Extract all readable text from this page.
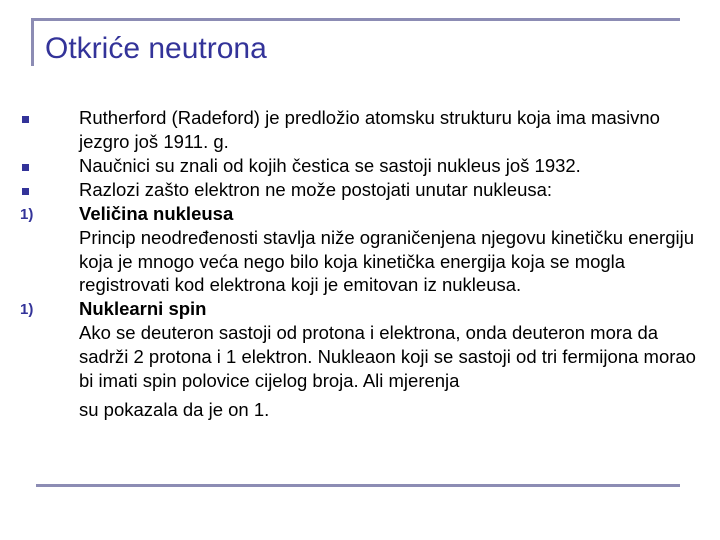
Otkriće neutrona
Rutherford (Radeford) je predložio atomsku strukturu koja ima masivno jezgro još 1911. g.
Naučnici su znali od kojih čestica se sastoji nukleus još 1932.
Razlozi zašto elektron ne može postojati unutar nukleusa:
1) Veličina nukleusa
Princip neodređenosti stavlja niže ograničenjena njegovu kinetičku energiju koja je mnogo veća nego bilo koja kinetička energija koja se mogla registrovati kod elektrona koji je emitovan iz nukleusa.
1) Nuklearni spin
Ako se deuteron sastoji od protona i elektrona, onda deuteron mora da sadrži 2 protona i 1 elektron. Nukleaon koji se sastoji od tri fermijona morao bi imati spin polovice cijelog broja. Ali mjerenja
su pokazala da je on 1.
